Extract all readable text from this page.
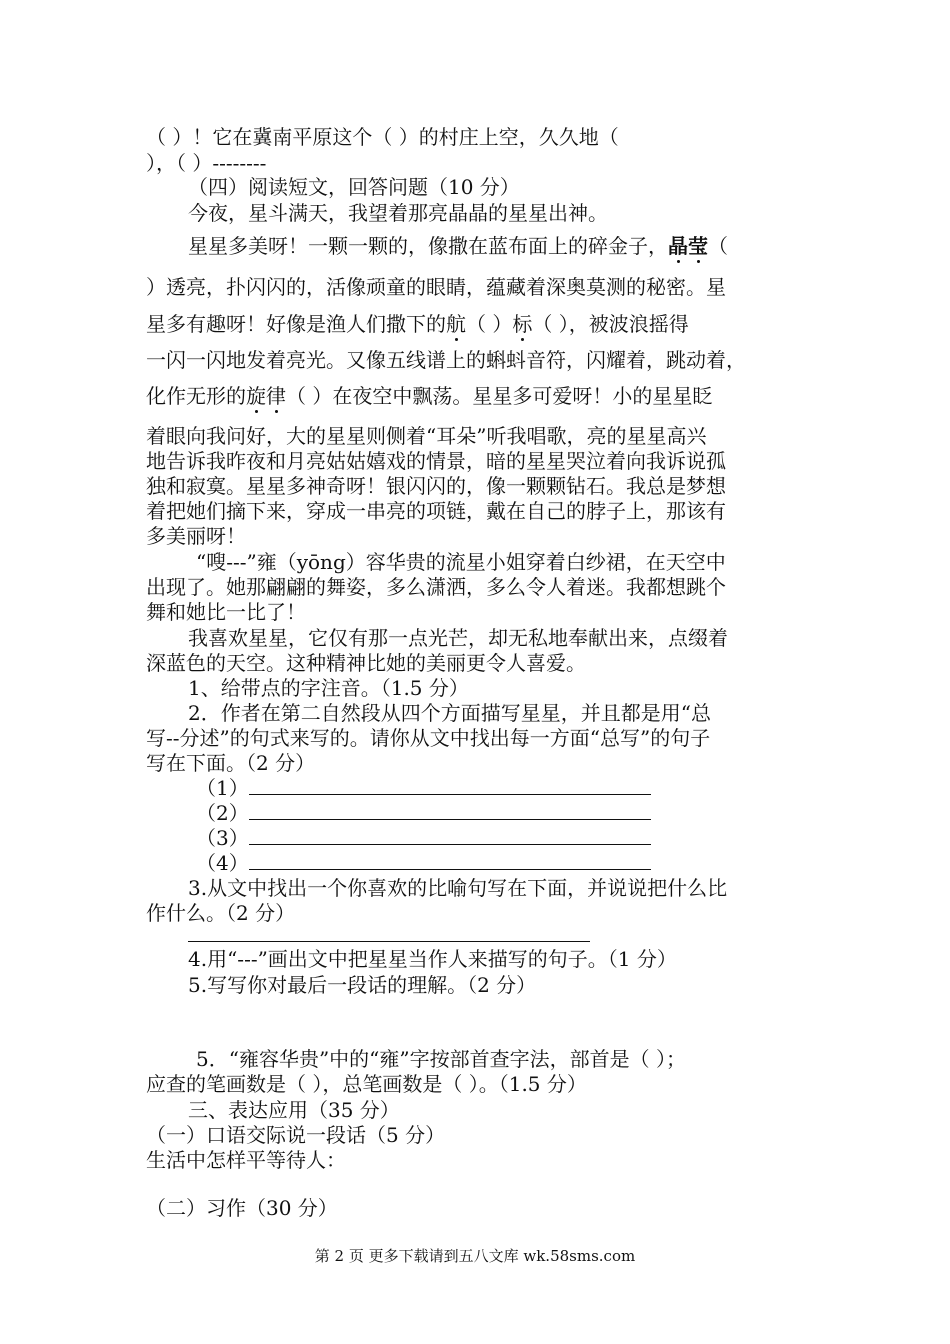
（ ）！它在冀南平原这个（ ）的村庄上空，久久地（
），（ ）--------
（四）阅读短文，回答问题（10 分）
今夜，星斗满天，我望着那亮晶晶的星星出神。
星星多美呀！一颗一颗的，像撒在蓝布面上的碎金子，晶莹（
）透亮，扑闪闪的，活像顽童的眼睛，蕴藏着深奥莫测的秘密。星
星多有趣呀！好像是渔人们撒下的航（ ）标（ ），被波浪摇得
一闪一闪地发着亮光。又像五线谱上的蝌蚪音符，闪耀着，跳动着，
化作无形的旋律（ ）在夜空中飘荡。星星多可爱呀！小的星星眨
着眼向我问好，大的星星则侧着“耳朵”听我唱歌，亮的星星高兴
地告诉我昨夜和月亮姑姑嬉戏的情景，暗的星星哭泣着向我诉说孤
独和寂寞。星星多神奇呀！银闪闪的，像一颗颗钻石。我总是梦想
着把她们摘下来，穿成一串亮的项链，戴在自己的脖子上，那该有
多美丽呀！
“嗖---”雍（yōng）容华贵的流星小姐穿着白纱裙，在天空中
出现了。她那翩翩的舞姿，多么潇洒，多么令人着迷。我都想跳个
舞和她比一比了！
我喜欢星星，它仅有那一点光芒，却无私地奉献出来，点缀着
深蓝色的天空。这种精神比她的美丽更令人喜爱。
1、给带点的字注音。（1.5 分）
2．作者在第二自然段从四个方面描写星星，并且都是用“总
写--分述”的句式来写的。请你从文中找出每一方面“总写”的句子
写在下面。（2 分）
（1）
（2）
（3）
（4）
3.从文中找出一个你喜欢的比喻句写在下面，并说说把什么比
作什么。（2 分）
4.用“---”画出文中把星星当作人来描写的句子。（1 分）
5.写写你对最后一段话的理解。（2 分）
5．“雍容华贵”中的“雍”字按部首查字法，部首是（ ）；
应查的笔画数是（ ），总笔画数是（ ）。（1.5 分）
三、表达应用（35 分）
（一）口语交际说一段话（5 分）
生活中怎样平等待人：
（二）习作（30 分）
第 2 页 更多下载请到五八文库 wk.58sms.com
